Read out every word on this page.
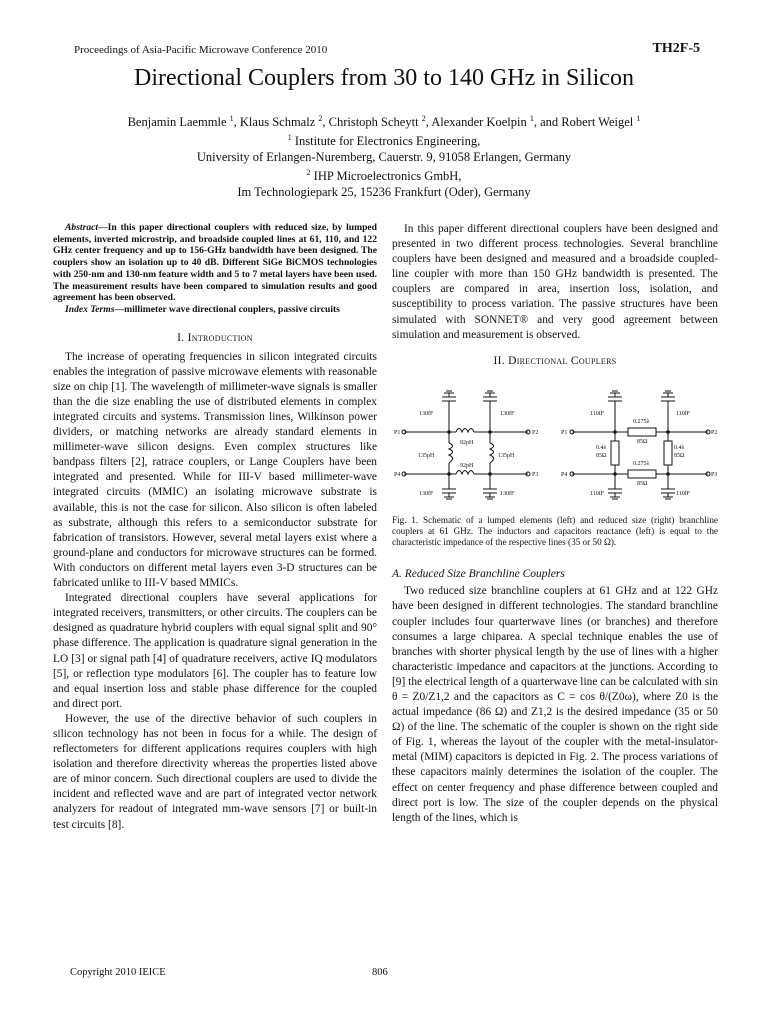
Proceedings of Asia-Pacific Microwave Conference 2010	TH2F-5
Directional Couplers from 30 to 140 GHz in Silicon
Benjamin Laemmle $^1$, Klaus Schmalz $^2$, Christoph Scheytt $^2$, Alexander Koelpin $^1$, and Robert Weigel $^1$
$^1$ Institute for Electronics Engineering,
University of Erlangen-Nuremberg, Cauerstr. 9, 91058 Erlangen, Germany
$^2$ IHP Microelectronics GmbH,
Im Technologiepark 25, 15236 Frankfurt (Oder), Germany

Abstract—In this paper directional couplers with reduced size, by lumped elements, inverted microstrip, and broadside coupled lines at 61, 110, and 122 GHz center frequency and up to 156-GHz bandwidth have been designed. The couplers show an isolation up to 40 dB. Different SiGe BiCMOS technologies with 250-nm and 130-nm feature width and 5 to 7 metal layers have been used. The measurement results have been compared to simulation results and good agreement has been observed.

Index Terms—millimeter wave directional couplers, passive circuits

I. Introduction

The increase of operating frequencies in silicon integrated circuits enables the integration of passive microwave elements with reasonable size on chip [1]. The wavelength of millimeter-wave signals is smaller than the die size enabling the use of distributed elements in complex integrated circuits and systems. Transmission lines, Wilkinson power dividers, or matching networks are already standard elements in millimeter-wave silicon designs. Even complex structures like bandpass filters [2], ratrace couplers, or Lange Couplers have been integrated and presented. While for III-V based millimeter-wave integrated circuits (MMIC) an isolating microwave substrate is available, this is not the case for silicon. Also silicon is often labeled as substrate, although this refers to a semiconductor substrate for fabrication of transistors. However, several metal layers exist where a ground-plane and conductors for microwave structures can be formed. With conductors on different metal layers even 3-D structures can be fabricated unlike to III-V based MMICs.

Integrated directional couplers have several applications for integrated receivers, transmitters, or other circuits. The couplers can be designed as quadrature hybrid couplers with equal signal split and 90° phase difference. The application is quadrature signal generation in the LO [3] or signal path [4] of quadrature receivers, active IQ modulators [5], or reflection type modulators [6]. The coupler has to feature low and equal insertion loss and stable phase difference for the coupled and direct port.

However, the use of the directive behavior of such couplers in silicon technology has not been in focus for a while. The design of reflectometers for different applications requires couplers with high isolation and therefore directivity whereas the properties listed above are of minor concern. Such directional couplers are used to divide the incident and reflected wave and are part of integrated vector network analyzers for readout of integrated mm-wave sensors [7] or built-in test circuits [8].

In this paper different directional couplers have been designed and presented in two different process technologies. Several branchline couplers have been designed and measured and a broadside coupled-line coupler with more than 150 GHz bandwidth is presented. The couplers are compared in area, insertion loss, isolation, and susceptibility to process variation. The passive structures have been simulated with SONNET® and very good agreement between simulation and measurement is observed.

II. Directional Couplers
130fF	130fF
130fF	130fF
92pH
92pH
135pH	135pH
P1	P2
P4	P3
110fF	110fF
110fF	110fF
0.275λ
85Ω
0.275λ
85Ω
0.4λ
85Ω
0.4λ
85Ω
P1	P2
P4	P3
Fig. 1. Schematic of a lumped elements (left) and reduced size (right) branchline couplers at 61 GHz. The inductors and capacitors reactance (left) is equal to the characteristic impedance of the respective lines (35 or 50 Ω).
A. Reduced Size Branchline Couplers

Two reduced size branchline couplers at 61 GHz and at 122 GHz have been designed in different technologies. The standard branchline coupler includes four quarterwave lines (or branches) and therefore consumes a large chiparea. A special technique enables the use of branches with shorter physical length by the use of lines with a higher characteristic impedance and capacitors at the junctions. According to [9] the electrical length of a quarterwave line can be calculated with sin θ = Z0/Z1,2 and the capacitors as C = cos θ/(Z0ω), where Z0 is the actual impedance (86 Ω) and Z1,2 is the desired impedance (35 or 50 Ω) of the line. The schematic of the coupler is shown on the right side of Fig. 1, whereas the layout of the coupler with the metal-insulator-metal (MIM) capacitors is depicted in Fig. 2. The process variations of these capacitors mainly determines the isolation of the coupler. The effect on center frequency and phase difference between coupled and direct port is low. The size of the coupler depends on the physical length of the lines, which is

Copyright 2010 IEICE	806
